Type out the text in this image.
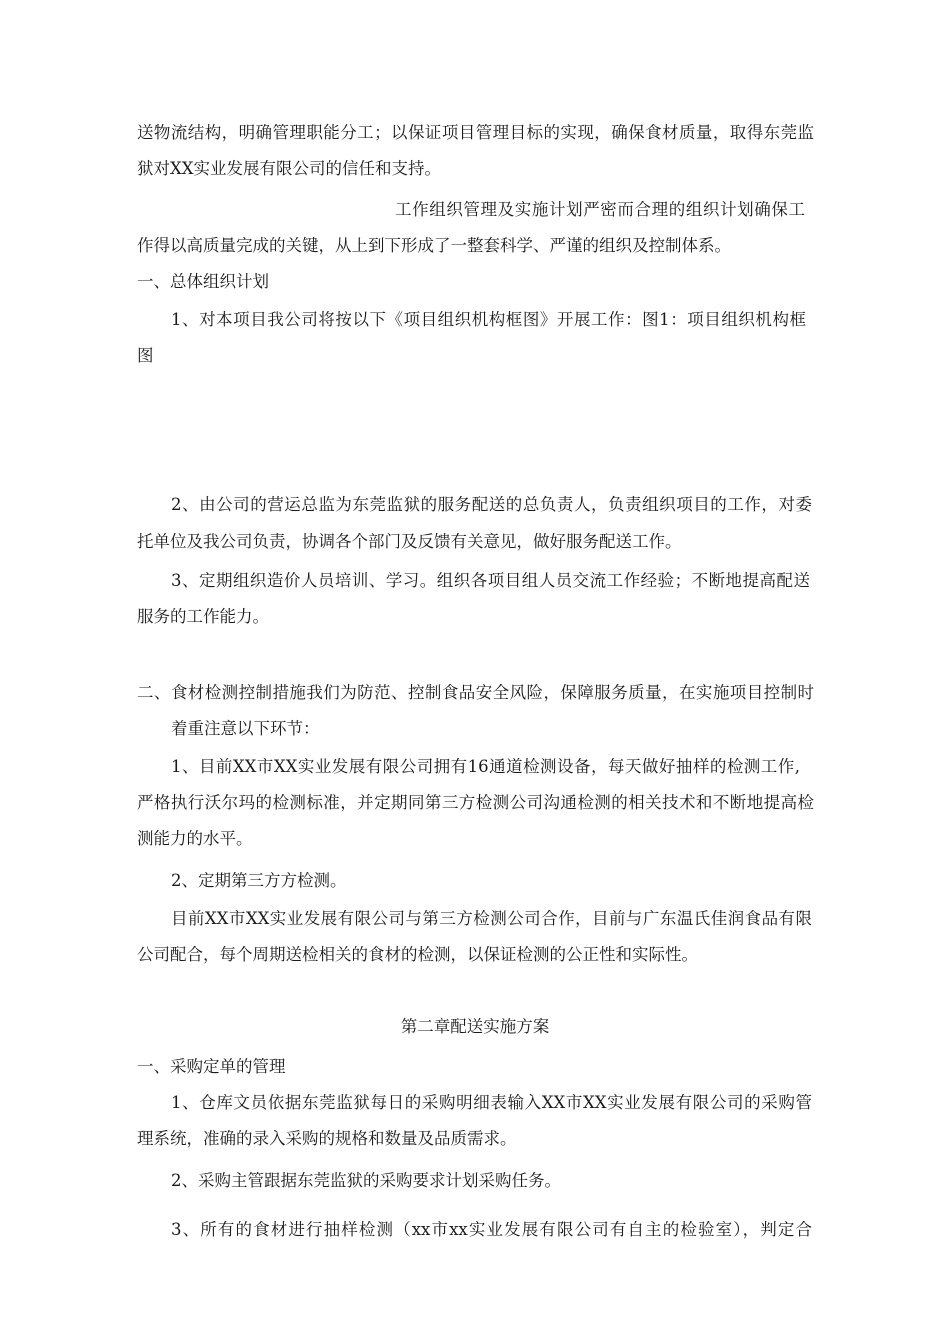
送物流结构，明确管理职能分工；以保证项目管理目标的实现，确保食材质量，取得东莞监
狱对XX实业发展有限公司的信任和支持。
工作组织管理及实施计划严密而合理的组织计划确保工
作得以高质量完成的关键，从上到下形成了一整套科学、严谨的组织及控制体系。
一、总体组织计划
1、对本项目我公司将按以下《项目组织机构框图》开展工作：图1：项目组织机构框
图
2、由公司的营运总监为东莞监狱的服务配送的总负责人，负责组织项目的工作，对委
托单位及我公司负责，协调各个部门及反馈有关意见，做好服务配送工作。
3、定期组织造价人员培训、学习。组织各项目组人员交流工作经验；不断地提高配送
服务的工作能力。
二、食材检测控制措施我们为防范、控制食品安全风险，保障服务质量，在实施项目控制时
着重注意以下环节：
1、目前XX市XX实业发展有限公司拥有16通道检测设备，每天做好抽样的检测工作,
严格执行沃尔玛的检测标准，并定期同第三方检测公司沟通检测的相关技术和不断地提高检
测能力的水平。
2、定期第三方方检测。
目前XX市XX实业发展有限公司与第三方检测公司合作，目前与广东温氏佳润食品有限
公司配合，每个周期送检相关的食材的检测，以保证检测的公正性和实际性。
第二章配送实施方案
一、采购定单的管理
1、仓库文员依据东莞监狱每日的采购明细表输入XX市XX实业发展有限公司的采购管
理系统，准确的录入采购的规格和数量及品质需求。
2、采购主管跟据东莞监狱的采购要求计划采购任务。
3、所有的食材进行抽样检测（xx市xx实业发展有限公司有自主的检验室），判定合
